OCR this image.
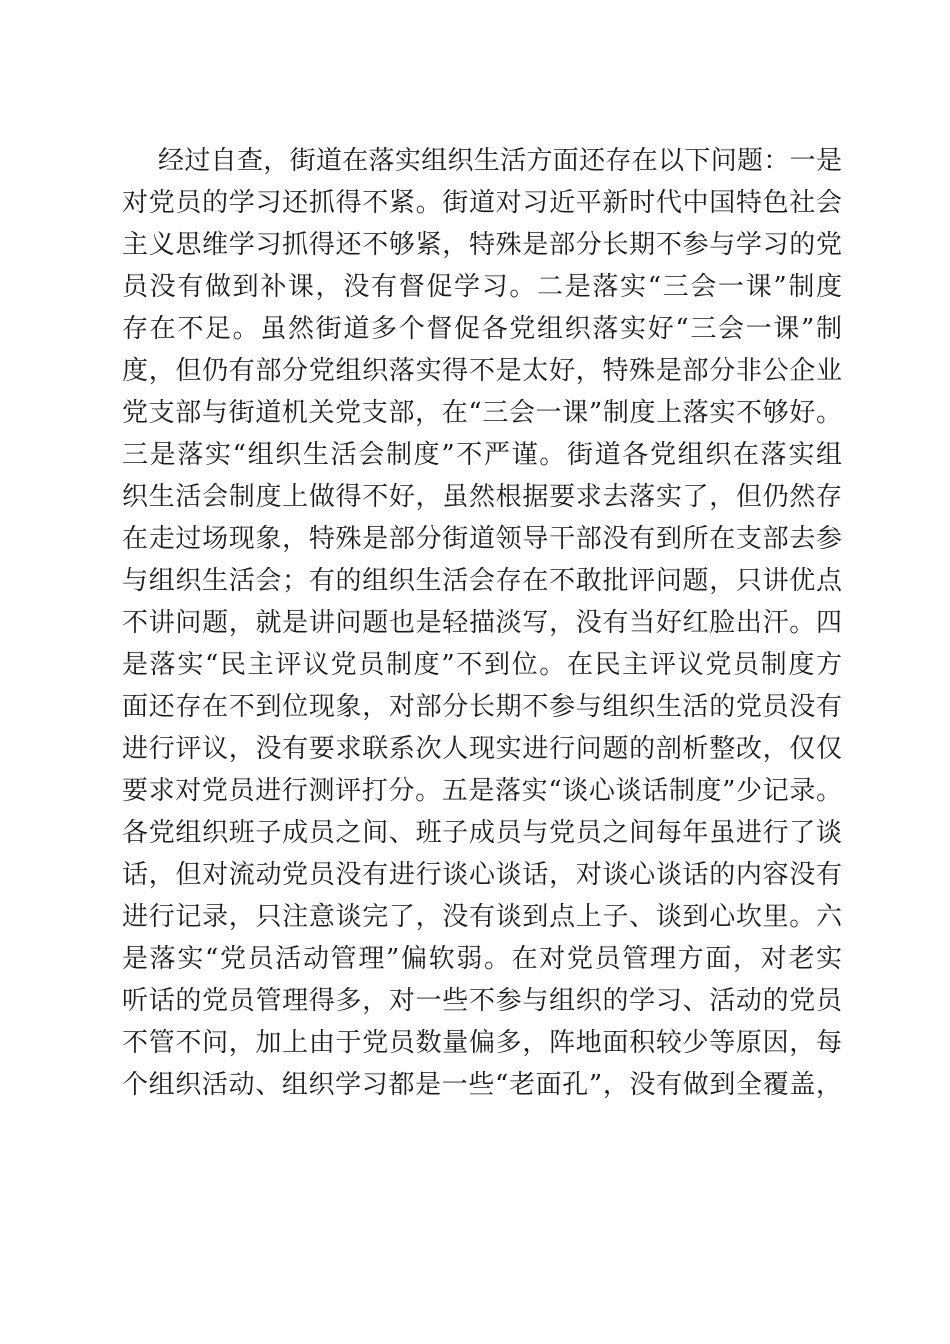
经过自查，街道在落实组织生活方面还存在以下问题：一是
对党员的学习还抓得不紧。街道对习近平新时代中国特色社会
主义思维学习抓得还不够紧，特殊是部分长期不参与学习的党
员没有做到补课，没有督促学习。二是落实“三会一课”制度
存在不足。虽然街道多个督促各党组织落实好“三会一课”制
度，但仍有部分党组织落实得不是太好，特殊是部分非公企业
党支部与街道机关党支部，在“三会一课”制度上落实不够好。
三是落实“组织生活会制度”不严谨。街道各党组织在落实组
织生活会制度上做得不好，虽然根据要求去落实了，但仍然存
在走过场现象，特殊是部分街道领导干部没有到所在支部去参
与组织生活会；有的组织生活会存在不敢批评问题，只讲优点
不讲问题，就是讲问题也是轻描淡写，没有当好红脸出汗。四
是落实“民主评议党员制度”不到位。在民主评议党员制度方
面还存在不到位现象，对部分长期不参与组织生活的党员没有
进行评议，没有要求联系次人现实进行问题的剖析整改，仅仅
要求对党员进行测评打分。五是落实“谈心谈话制度”少记录。
各党组织班子成员之间、班子成员与党员之间每年虽进行了谈
话，但对流动党员没有进行谈心谈话，对谈心谈话的内容没有
进行记录，只注意谈完了，没有谈到点上子、谈到心坎里。六
是落实“党员活动管理”偏软弱。在对党员管理方面，对老实
听话的党员管理得多，对一些不参与组织的学习、活动的党员
不管不问，加上由于党员数量偏多，阵地面积较少等原因，每
个组织活动、组织学习都是一些“老面孔”，没有做到全覆盖，
